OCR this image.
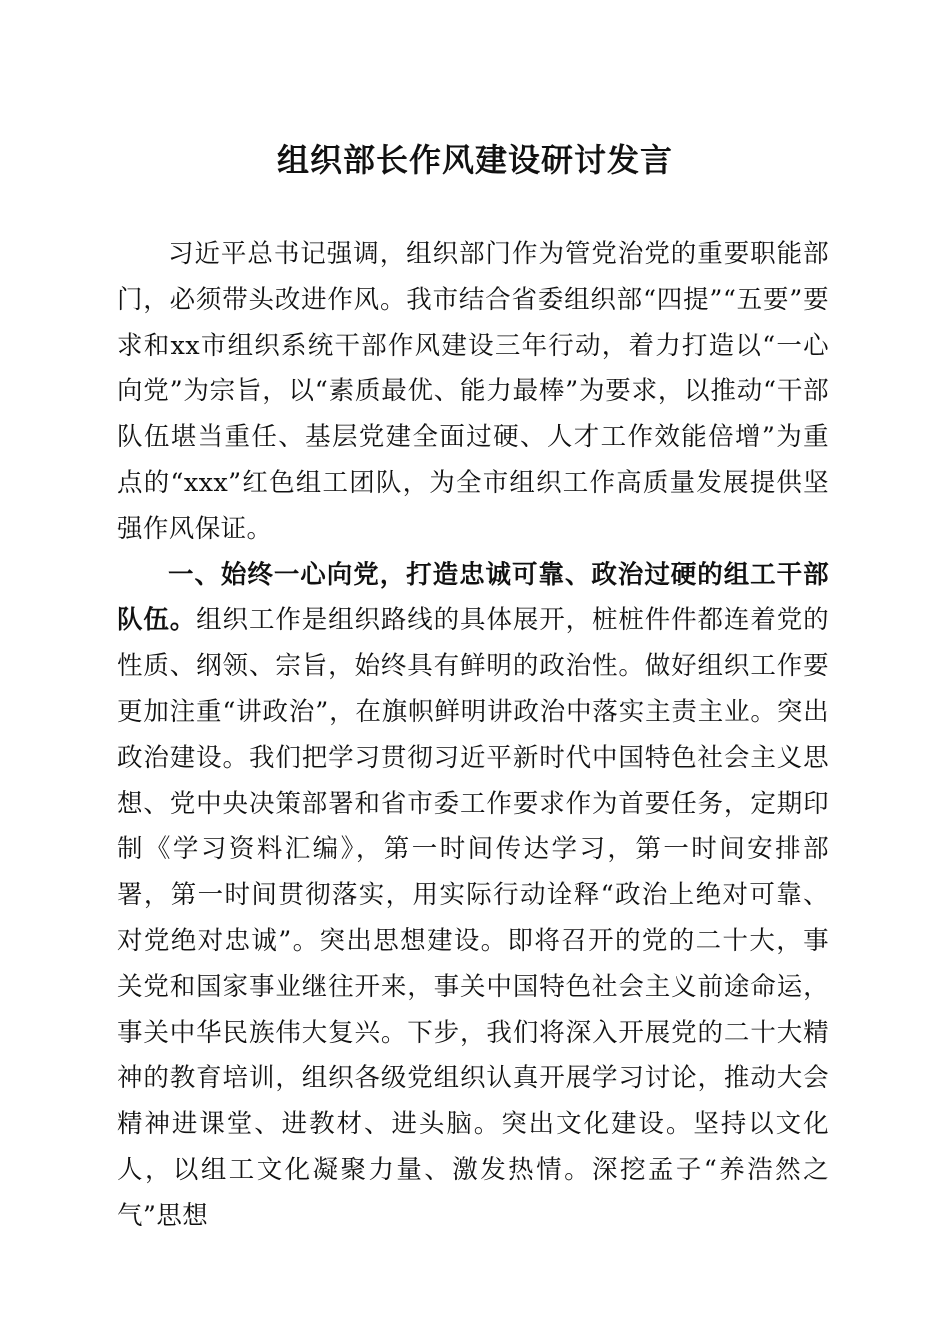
组织部长作风建设研讨发言

习近平总书记强调，组织部门作为管党治党的重要职能部门，必须带头改进作风。我市结合省委组织部“四提”“五要”要求和xx市组织系统干部作风建设三年行动，着力打造以“一心向党”为宗旨，以“素质最优、能力最棒”为要求，以推动“干部队伍堪当重任、基层党建全面过硬、人才工作效能倍增”为重点的“xxx”红色组工团队，为全市组织工作高质量发展提供坚强作风保证。

一、始终一心向党，打造忠诚可靠、政治过硬的组工干部队伍。组织工作是组织路线的具体展开，桩桩件件都连着党的性质、纲领、宗旨，始终具有鲜明的政治性。做好组织工作要更加注重“讲政治”，在旗帜鲜明讲政治中落实主责主业。突出政治建设。我们把学习贯彻习近平新时代中国特色社会主义思想、党中央决策部署和省市委工作要求作为首要任务，定期印制《学习资料汇编》，第一时间传达学习，第一时间安排部署，第一时间贯彻落实，用实际行动诠释“政治上绝对可靠、对党绝对忠诚”。突出思想建设。即将召开的党的二十大，事关党和国家事业继往开来，事关中国特色社会主义前途命运，事关中华民族伟大复兴。下步，我们将深入开展党的二十大精神的教育培训，组织各级党组织认真开展学习讨论，推动大会精神进课堂、进教材、进头脑。突出文化建设。坚持以文化人，以组工文化凝聚力量、激发热情。深挖孟子“养浩然之气”思想
